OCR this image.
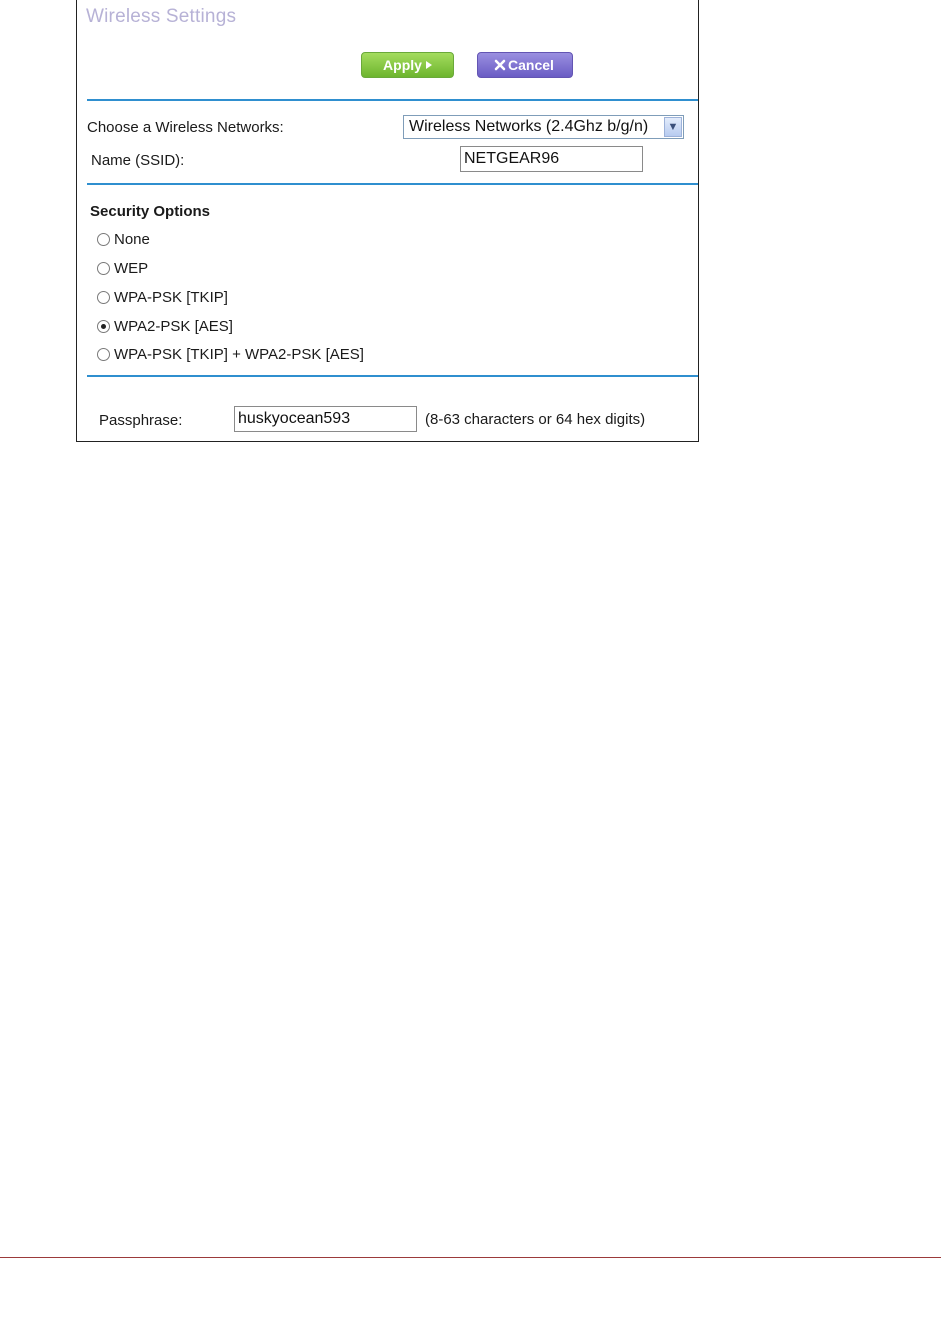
Wireless Settings
Apply	Cancel
Choose a Wireless Networks:	Wireless Networks (2.4Ghz b/g/n)	▼
Name (SSID):	NETGEAR96
Security Options
None
WEP
WPA-PSK [TKIP]
WPA2-PSK [AES]
WPA-PSK [TKIP] + WPA2-PSK [AES]
Passphrase:	huskyocean593	(8-63 characters or 64 hex digits)
